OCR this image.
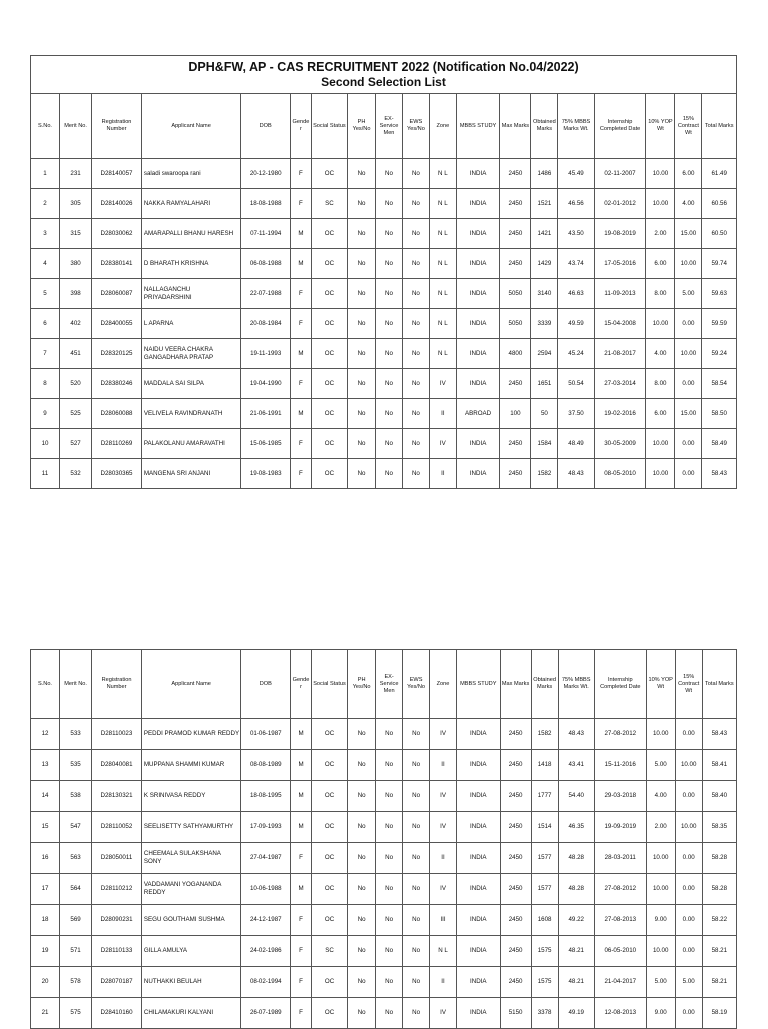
DPH&FW, AP - CAS RECRUITMENT 2022 (Notification No.04/2022)
Second Selection List																		

S.No.	Merit No.	Registration Number	Applicant Name	DOB	Gende r	Social Status	PH Yes/No	EX-Service Men	EWS Yes/No	Zone	MBBS STUDY	Max Marks	Obtained Marks	75% MBBS Marks Wt.	Internship Completed Date	10% YOP Wt	15% Contract Wt	Total Marks
1	231	D28140057	saladi swaroopa rani	20-12-1980	F	OC	No	No	No	N L	INDIA	2450	1486	45.49	02-11-2007	10.00	6.00	61.49
2	305	D28140026	NAKKA RAMYALAHARI	18-08-1988	F	SC	No	No	No	N L	INDIA	2450	1521	46.56	02-01-2012	10.00	4.00	60.56
3	315	D28030062	AMARAPALLI BHANU HARESH	07-11-1994	M	OC	No	No	No	N L	INDIA	2450	1421	43.50	19-08-2019	2.00	15.00	60.50
4	380	D28380141	D BHARATH KRISHNA	06-08-1988	M	OC	No	No	No	N L	INDIA	2450	1429	43.74	17-05-2016	6.00	10.00	59.74
5	398	D28060087	NALLAGANCHU PRIYADARSHINI	22-07-1988	F	OC	No	No	No	N L	INDIA	5050	3140	46.63	11-09-2013	8.00	5.00	59.63
6	402	D28400055	L APARNA	20-08-1984	F	OC	No	No	No	N L	INDIA	5050	3339	49.59	15-04-2008	10.00	0.00	59.59
7	451	D28320125	NAIDU VEERA CHAKRA GANGADHARA PRATAP	19-11-1993	M	OC	No	No	No	N L	INDIA	4800	2594	45.24	21-08-2017	4.00	10.00	59.24
8	520	D28380246	MADDALA SAI SILPA	19-04-1990	F	OC	No	No	No	IV	INDIA	2450	1651	50.54	27-03-2014	8.00	0.00	58.54
9	525	D28060088	VELIVELA RAVINDRANATH	21-06-1991	M	OC	No	No	No	II	ABROAD	100	50	37.50	19-02-2016	6.00	15.00	58.50
10	527	D28110269	PALAKOLANU AMARAVATHI	15-06-1985	F	OC	No	No	No	IV	INDIA	2450	1584	48.49	30-05-2009	10.00	0.00	58.49
11	532	D28030365	MANGENA SRI ANJANI	19-08-1983	F	OC	No	No	No	II	INDIA	2450	1582	48.43	08-05-2010	10.00	0.00	58.43
S.No.	Merit No.	Registration Number	Applicant Name	DOB	Gende r	Social Status	PH Yes/No	EX-Service Men	EWS Yes/No	Zone	MBBS STUDY	Max Marks	Obtained Marks	75% MBBS Marks Wt.	Internship Completed Date	10% YOP Wt	15% Contract Wt	Total Marks
12	533	D28110023	PEDDI PRAMOD KUMAR REDDY	01-06-1987	M	OC	No	No	No	IV	INDIA	2450	1582	48.43	27-08-2012	10.00	0.00	58.43
13	535	D28040081	MUPPANA SHAMMI KUMAR	08-08-1989	M	OC	No	No	No	II	INDIA	2450	1418	43.41	15-11-2016	5.00	10.00	58.41
14	538	D28130321	K SRINIVASA REDDY	18-08-1995	M	OC	No	No	No	IV	INDIA	2450	1777	54.40	29-03-2018	4.00	0.00	58.40
15	547	D28110052	SEELISETTY SATHYAMURTHY	17-09-1993	M	OC	No	No	No	IV	INDIA	2450	1514	46.35	19-09-2019	2.00	10.00	58.35
16	563	D28050011	CHEEMALA SULAKSHANA SONY	27-04-1987	F	OC	No	No	No	II	INDIA	2450	1577	48.28	28-03-2011	10.00	0.00	58.28
17	564	D28110212	VADDAMANI YOGANANDA REDDY	10-06-1988	M	OC	No	No	No	IV	INDIA	2450	1577	48.28	27-08-2012	10.00	0.00	58.28
18	569	D28090231	SEGU GOUTHAMI SUSHMA	24-12-1987	F	OC	No	No	No	III	INDIA	2450	1608	49.22	27-08-2013	9.00	0.00	58.22
19	571	D28110133	GILLA AMULYA	24-02-1986	F	SC	No	No	No	N L	INDIA	2450	1575	48.21	06-05-2010	10.00	0.00	58.21
20	578	D28070187	NUTHAKKI BEULAH	08-02-1994	F	OC	No	No	No	II	INDIA	2450	1575	48.21	21-04-2017	5.00	5.00	58.21
21	575	D28410160	CHILAMAKURI KALYANI	26-07-1989	F	OC	No	No	No	IV	INDIA	5150	3378	49.19	12-08-2013	9.00	0.00	58.19
